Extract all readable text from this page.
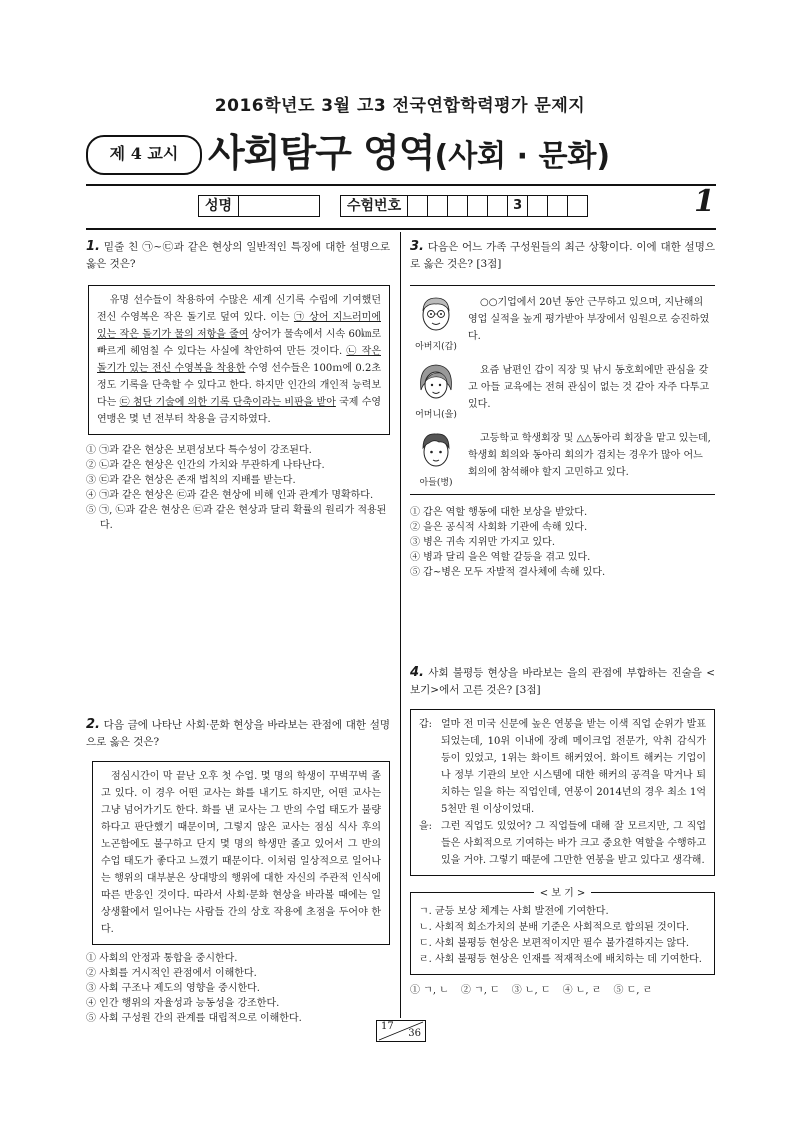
2016학년도 3월 고3 전국연합학력평가 문제지
제 4 교시 사회탐구 영역(사회 · 문화)
성명	수험번호	3	1
1. 밑줄 친 ㉠~㉢과 같은 현상의 일반적인 특징에 대한 설명으로 옳은 것은?
유명 선수들이 착용하여 수많은 세계 신기록 수립에 기여했던 전신 수영복은 작은 돌기로 덮여 있다. 이는 ㉠ 상어 지느러미에 있는 작은 돌기가 물의 저항을 줄여 상어가 물속에서 시속 60㎞로 빠르게 헤엄칠 수 있다는 사실에 착안하여 만든 것이다. ㉡ 작은 돌기가 있는 전신 수영복을 착용한 수영 선수들은 100ｍ에 0.2초 정도 기록을 단축할 수 있다고 한다. 하지만 인간의 개인적 능력보다는 ㉢ 첨단 기술에 의한 기록 단축이라는 비판을 받아 국제 수영 연맹은 몇 년 전부터 착용을 금지하였다.
① ㉠과 같은 현상은 보편성보다 특수성이 강조된다.
② ㉡과 같은 현상은 인간의 가치와 무관하게 나타난다.
③ ㉢과 같은 현상은 존재 법칙의 지배를 받는다.
④ ㉠과 같은 현상은 ㉢과 같은 현상에 비해 인과 관계가 명확하다.
⑤ ㉠, ㉡과 같은 현상은 ㉢과 같은 현상과 달리 확률의 원리가 적용된다.
2. 다음 글에 나타난 사회·문화 현상을 바라보는 관점에 대한 설명으로 옳은 것은?
점심시간이 막 끝난 오후 첫 수업. 몇 명의 학생이 꾸벅꾸벅 졸고 있다. 이 경우 어떤 교사는 화를 내기도 하지만, 어떤 교사는 그냥 넘어가기도 한다. 화를 낸 교사는 그 반의 수업 태도가 불량하다고 판단했기 때문이며, 그렇지 않은 교사는 점심 식사 후의 노곤함에도 불구하고 단지 몇 명의 학생만 졸고 있어서 그 반의 수업 태도가 좋다고 느꼈기 때문이다. 이처럼 일상적으로 일어나는 행위의 대부분은 상대방의 행위에 대한 자신의 주관적 인식에 따른 반응인 것이다. 따라서 사회·문화 현상을 바라볼 때에는 일상생활에서 일어나는 사람들 간의 상호 작용에 초점을 두어야 한다.
① 사회의 안정과 통합을 중시한다.
② 사회를 거시적인 관점에서 이해한다.
③ 사회 구조나 제도의 영향을 중시한다.
④ 인간 행위의 자율성과 능동성을 강조한다.
⑤ 사회 구성원 간의 관계를 대립적으로 이해한다.
3. 다음은 어느 가족 구성원들의 최근 상황이다. 이에 대한 설명으로 옳은 것은? [3점]
아버지(갑)
○○기업에서 20년 동안 근무하고 있으며, 지난해의 영업 실적을 높게 평가받아 부장에서 임원으로 승진하였다.
어머니(을)
요즘 남편인 갑이 직장 및 낚시 동호회에만 관심을 갖고 아들 교육에는 전혀 관심이 없는 것 같아 자주 다투고 있다.
아들(병)
고등학교 학생회장 및 △△동아리 회장을 맡고 있는데, 학생회 회의와 동아리 회의가 겹치는 경우가 많아 어느 회의에 참석해야 할지 고민하고 있다.
① 갑은 역할 행동에 대한 보상을 받았다.
② 을은 공식적 사회화 기관에 속해 있다.
③ 병은 귀속 지위만 가지고 있다.
④ 병과 달리 을은 역할 갈등을 겪고 있다.
⑤ 갑~병은 모두 자발적 결사체에 속해 있다.
4. 사회 불평등 현상을 바라보는 을의 관점에 부합하는 진술을 <보기>에서 고른 것은? [3점]
갑: 얼마 전 미국 신문에 높은 연봉을 받는 이색 직업 순위가 발표되었는데, 10위 이내에 장례 메이크업 전문가, 악취 감식가 등이 있었고, 1위는 화이트 해커였어. 화이트 해커는 기업이나 정부 기관의 보안 시스템에 대한 해커의 공격을 막거나 퇴치하는 일을 하는 직업인데, 연봉이 2014년의 경우 최소 1억 5천만 원 이상이었대.
을: 그런 직업도 있었어? 그 직업들에 대해 잘 모르지만, 그 직업들은 사회적으로 기여하는 바가 크고 중요한 역할을 수행하고 있을 거야. 그렇기 때문에 그만한 연봉을 받고 있다고 생각해.
< 보 기 >
ㄱ. 균등 보상 체계는 사회 발전에 기여한다.
ㄴ. 사회적 희소가치의 분배 기준은 사회적으로 합의된 것이다.
ㄷ. 사회 불평등 현상은 보편적이지만 필수 불가결하지는 않다.
ㄹ. 사회 불평등 현상은 인재를 적재적소에 배치하는 데 기여한다.
① ㄱ, ㄴ ② ㄱ, ㄷ ③ ㄴ, ㄷ ④ ㄴ, ㄹ ⑤ ㄷ, ㄹ
17
36
